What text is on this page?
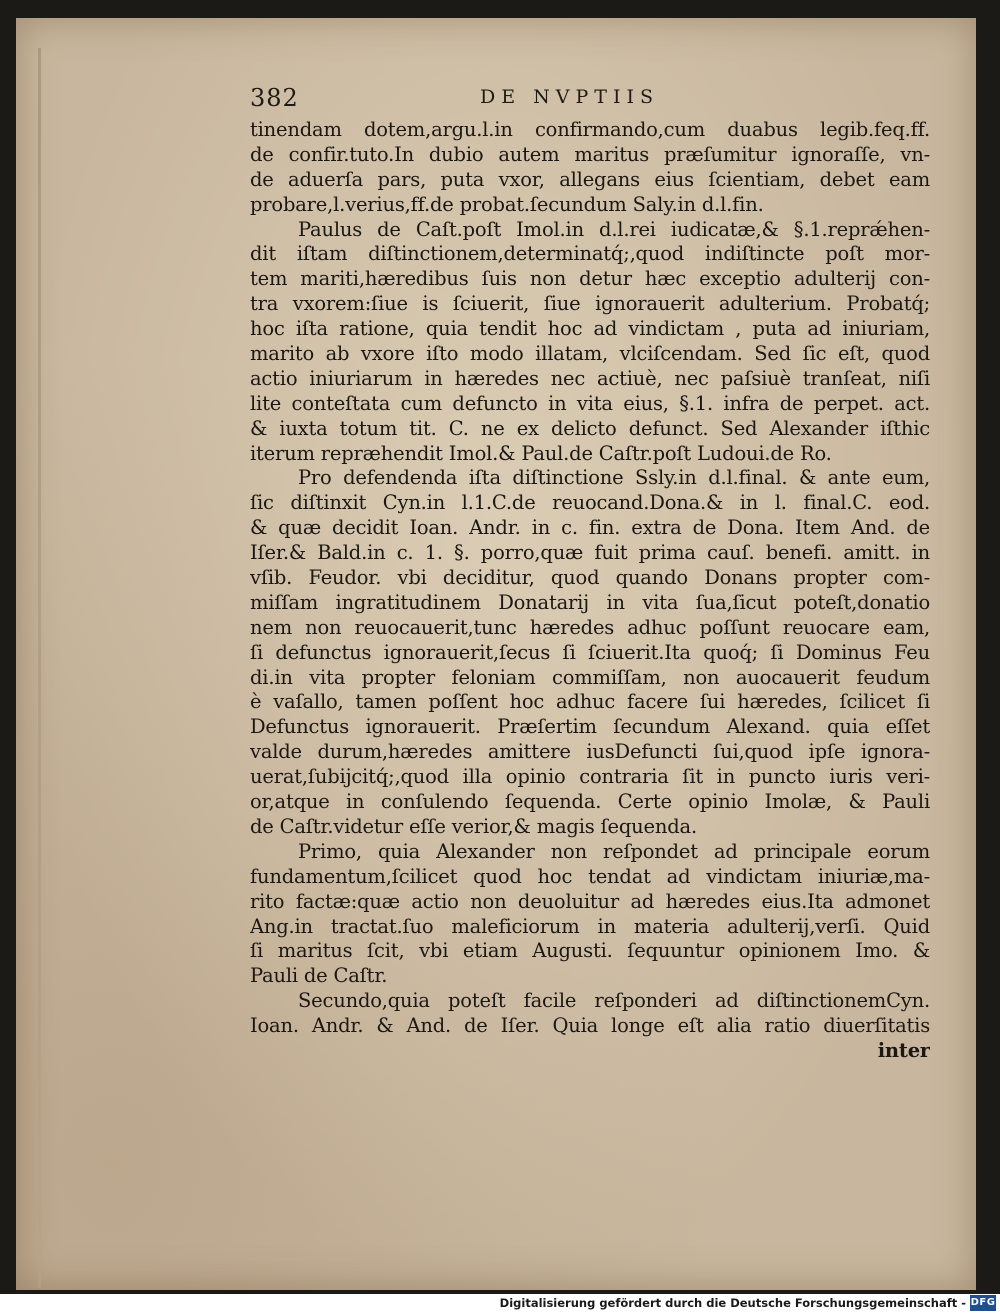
382	DE NVPTIIS
tinendam dotem,argu.l.in confirmando,cum duabus legib.feq.ff.
de confir.tuto.In dubio autem maritus præſumitur ignoraſſe, vn-
de aduerſa pars, puta vxor, allegans eius ſcientiam, debet eam
probare,l.verius,ff.de probat.ſecundum Saly.in d.l.fin.
Paulus de Caſt.poſt Imol.in d.l.rei iudicatæ,& §.1.reprǽhen-
dit iſtam diſtinctionem,determinatq́;,quod indiſtincte poſt mor-
tem mariti,hæredibus ſuis non detur hæc exceptio adulterij con-
tra vxorem:ſiue is ſciuerit, ſiue ignorauerit adulterium. Probatq́;
hoc iſta ratione, quia tendit hoc ad vindictam , puta ad iniuriam,
marito ab vxore iſto modo illatam, vlciſcendam. Sed ſic eſt, quod
actio iniuriarum in hæredes nec actiuè, nec paſsiuè tranſeat, niſi
lite conteſtata cum defuncto in vita eius, §.1. infra de perpet. act.
& iuxta totum tit. C. ne ex delicto defunct. Sed Alexander iſthic
iterum repræhendit Imol.& Paul.de Caſtr.poſt Ludoui.de Ro.
Pro defendenda iſta diſtinctione Ssly.in d.l.final. & ante eum,
ſic diſtinxit Cyn.in l.1.C.de reuocand.Dona.& in l. final.C. eod.
& quæ decidit Ioan. Andr. in c. fin. extra de Dona. Item And. de
Iſer.& Bald.in c. 1. §. porro,quæ fuit prima cauſ. benefi. amitt. in
vſib. Feudor. vbi deciditur, quod quando Donans propter com-
miſſam ingratitudinem Donatarij in vita ſua,ſicut poteſt,donatio
nem non reuocauerit,tunc hæredes adhuc poſſunt reuocare eam,
ſi defunctus ignorauerit,ſecus ſi ſciuerit.Ita quoq́; ſi Dominus Feu
di.in vita propter feloniam commiſſam, non auocauerit feudum
è vaſallo, tamen poſſent hoc adhuc facere ſui hæredes, ſcilicet ſi
Defunctus ignorauerit. Præſertim ſecundum Alexand. quia eſſet
valde durum,hæredes amittere iusDefuncti ſui,quod ipſe ignora-
uerat,ſubijcitq́;,quod illa opinio contraria ſit in puncto iuris veri-
or,atque in conſulendo ſequenda. Certe opinio Imolæ, & Pauli
de Caſtr.videtur eſſe verior,& magis ſequenda.
Primo, quia Alexander non reſpondet ad principale eorum
fundamentum,ſcilicet quod hoc tendat ad vindictam iniuriæ,ma-
rito factæ:quæ actio non deuoluitur ad hæredes eius.Ita admonet
Ang.in tractat.ſuo maleficiorum in materia adulterij,verſi. Quid
ſi maritus ſcit, vbi etiam Augusti. ſequuntur opinionem Imo. &
Pauli de Caſtr.
Secundo,quia poteſt facile reſponderi ad diſtinctionemCyn.
Ioan. Andr. & And. de Iſer. Quia longe eſt alia ratio diuerſitatis
inter
Digitalisierung gefördert durch die Deutsche Forschungsgemeinschaft - DFG
